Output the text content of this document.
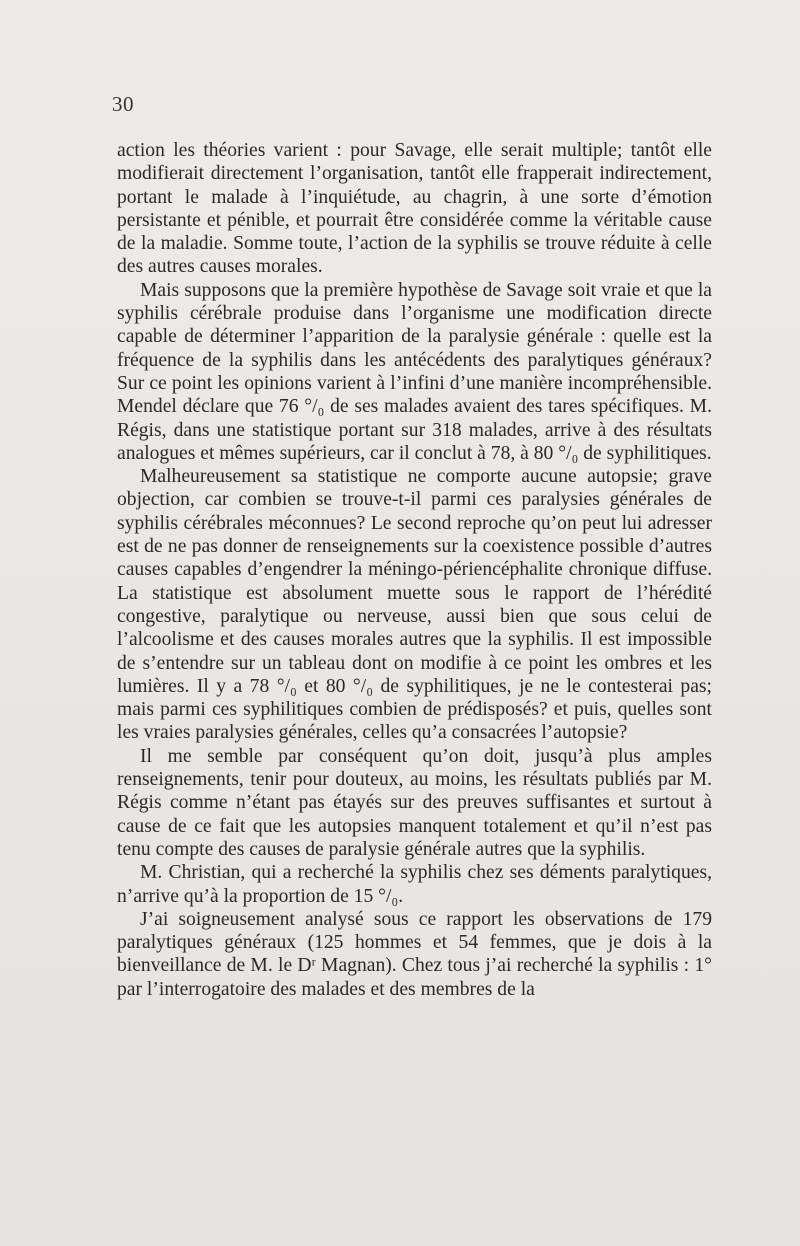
30

action les théories varient : pour Savage, elle serait multiple; tantôt elle modifierait directement l’organisation, tantôt elle frapperait indirectement, portant le malade à l’inquiétude, au chagrin, à une sorte d’émotion persistante et pénible, et pourrait être considérée comme la véritable cause de la maladie. Somme toute, l’action de la syphilis se trouve réduite à celle des autres causes morales.

Mais supposons que la première hypothèse de Savage soit vraie et que la syphilis cérébrale produise dans l’organisme une modification directe capable de déterminer l’apparition de la paralysie générale : quelle est la fréquence de la syphilis dans les antécédents des paralytiques généraux? Sur ce point les opinions varient à l’infini d’une manière incompréhensible. Mendel déclare que 76 °/₀ de ses malades avaient des tares spécifiques. M. Régis, dans une statistique portant sur 318 malades, arrive à des résultats analogues et mêmes supérieurs, car il conclut à 78, à 80 °/₀ de syphilitiques.

Malheureusement sa statistique ne comporte aucune autopsie; grave objection, car combien se trouve-t-il parmi ces paralysies générales de syphilis cérébrales méconnues? Le second reproche qu’on peut lui adresser est de ne pas donner de renseignements sur la coexistence possible d’autres causes capables d’engendrer la méningo-périencéphalite chronique diffuse. La statistique est absolument muette sous le rapport de l’hérédité congestive, paralytique ou nerveuse, aussi bien que sous celui de l’alcoolisme et des causes morales autres que la syphilis. Il est impossible de s’entendre sur un tableau dont on modifie à ce point les ombres et les lumières. Il y a 78 °/₀ et 80 °/₀ de syphilitiques, je ne le contesterai pas; mais parmi ces syphilitiques combien de prédisposés? et puis, quelles sont les vraies paralysies générales, celles qu’a consacrées l’autopsie?

Il me semble par conséquent qu’on doit, jusqu’à plus amples renseignements, tenir pour douteux, au moins, les résultats publiés par M. Régis comme n’étant pas étayés sur des preuves suffisantes et surtout à cause de ce fait que les autopsies manquent totalement et qu’il n’est pas tenu compte des causes de paralysie générale autres que la syphilis.

M. Christian, qui a recherché la syphilis chez ses déments paralytiques, n’arrive qu’à la proportion de 15 °/₀.

J’ai soigneusement analysé sous ce rapport les observations de 179 paralytiques généraux (125 hommes et 54 femmes, que je dois à la bienveillance de M. le Dʳ Magnan). Chez tous j’ai recherché la syphilis : 1° par l’interrogatoire des malades et des membres de la
